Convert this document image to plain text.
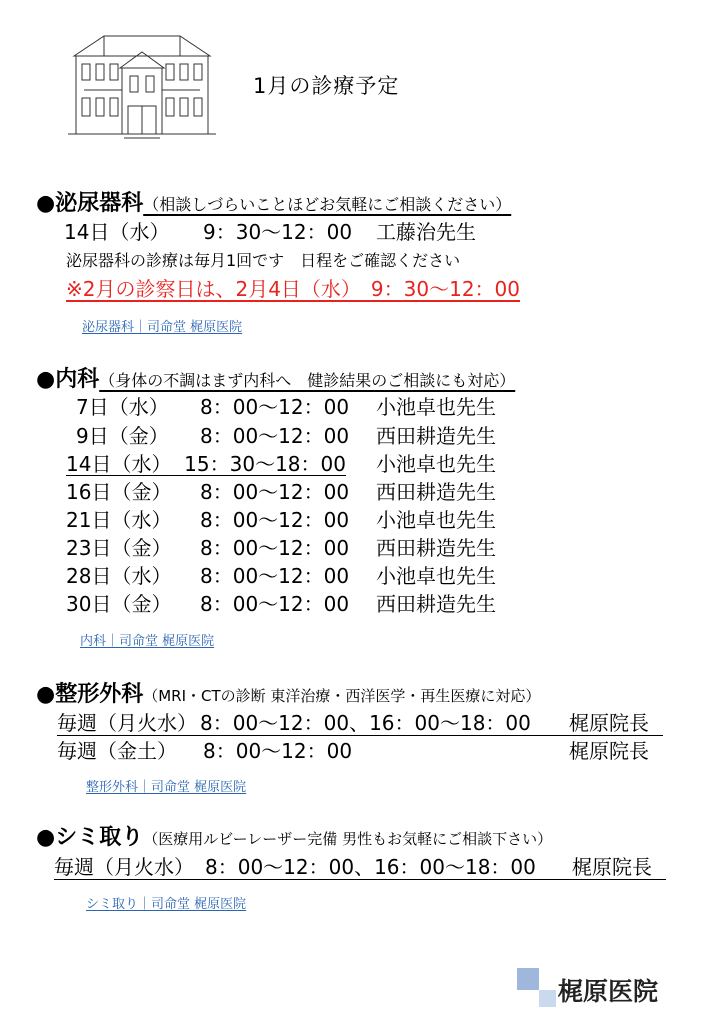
1月の診療予定
●泌尿器科（相談しづらいことほどお気軽にご相談ください）
14日（水） 9：30～12：00 工藤治先生
泌尿器科の診療は毎月1回です　日程をご確認ください
※2月の診察日は、2月4日（水）　9：30～12：00
泌尿器科｜司命堂 梶原医院
●内科（身体の不調はまず内科へ　健診結果のご相談にも対応）
7日（水） 8：00～12：00 小池卓也先生
9日（金） 8：00～12：00 西田耕造先生
14日（水） 15：30～18：00	小池卓也先生
16日（金） 8：00～12：00 西田耕造先生
21日（水） 8：00～12：00 小池卓也先生
23日（金） 8：00～12：00 西田耕造先生
28日（水） 8：00～12：00 小池卓也先生
30日（金） 8：00～12：00 西田耕造先生
内科｜司命堂 梶原医院
●整形外科（MRI・CTの診断 東洋治療・西洋医学・再生医療に対応）
毎週（月火水） 8：00～12：00、16：00～18：00 梶原院長
毎週（金土） 8：00～12：00	梶原院長
整形外科｜司命堂 梶原医院
●シミ取り（医療用ルビーレーザー完備 男性もお気軽にご相談下さい）
毎週（月火水） 8：00～12：00、16：00～18：00 梶原院長
シミ取り｜司命堂 梶原医院
梶原医院
